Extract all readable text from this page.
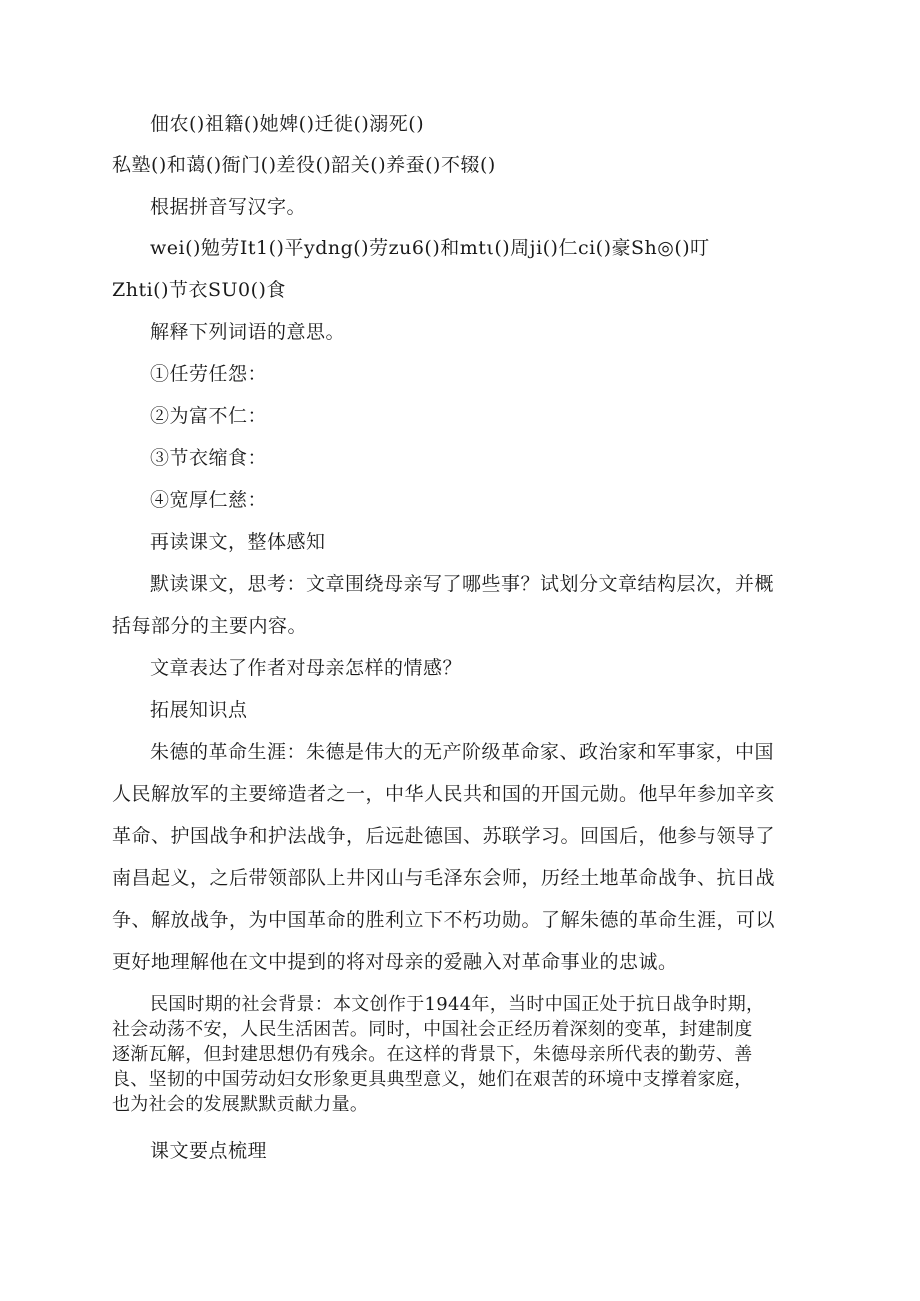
佃农()祖籍()她婢()迁徙()溺死()
私塾()和蔼()衙门()差役()韶关()养蚕()不辍()
根据拼音写汉字。
wei()勉劳It1()平ydng()劳zu6()和mtι()周ji()仁ci()豪Sh◎()叮
Zhti()节衣SU0()食
解释下列词语的意思。
①任劳任怨：
②为富不仁：
③节衣缩食：
④宽厚仁慈：
再读课文，整体感知
默读课文，思考：文章围绕母亲写了哪些事？试划分文章结构层次，并概
括每部分的主要内容。
文章表达了作者对母亲怎样的情感？
拓展知识点
朱德的革命生涯：朱德是伟大的无产阶级革命家、政治家和军事家，中国
人民解放军的主要缔造者之一，中华人民共和国的开国元勋。他早年参加辛亥
革命、护国战争和护法战争，后远赴德国、苏联学习。回国后，他参与领导了
南昌起义，之后带领部队上井冈山与毛泽东会师，历经土地革命战争、抗日战
争、解放战争，为中国革命的胜利立下不朽功勋。了解朱德的革命生涯，可以
更好地理解他在文中提到的将对母亲的爱融入对革命事业的忠诚。
民国时期的社会背景：本文创作于1944年，当时中国正处于抗日战争时期，
社会动荡不安，人民生活困苦。同时，中国社会正经历着深刻的变革，封建制度
逐渐瓦解，但封建思想仍有残余。在这样的背景下，朱德母亲所代表的勤劳、善
良、坚韧的中国劳动妇女形象更具典型意义，她们在艰苦的环境中支撑着家庭，
也为社会的发展默默贡献力量。
课文要点梳理
